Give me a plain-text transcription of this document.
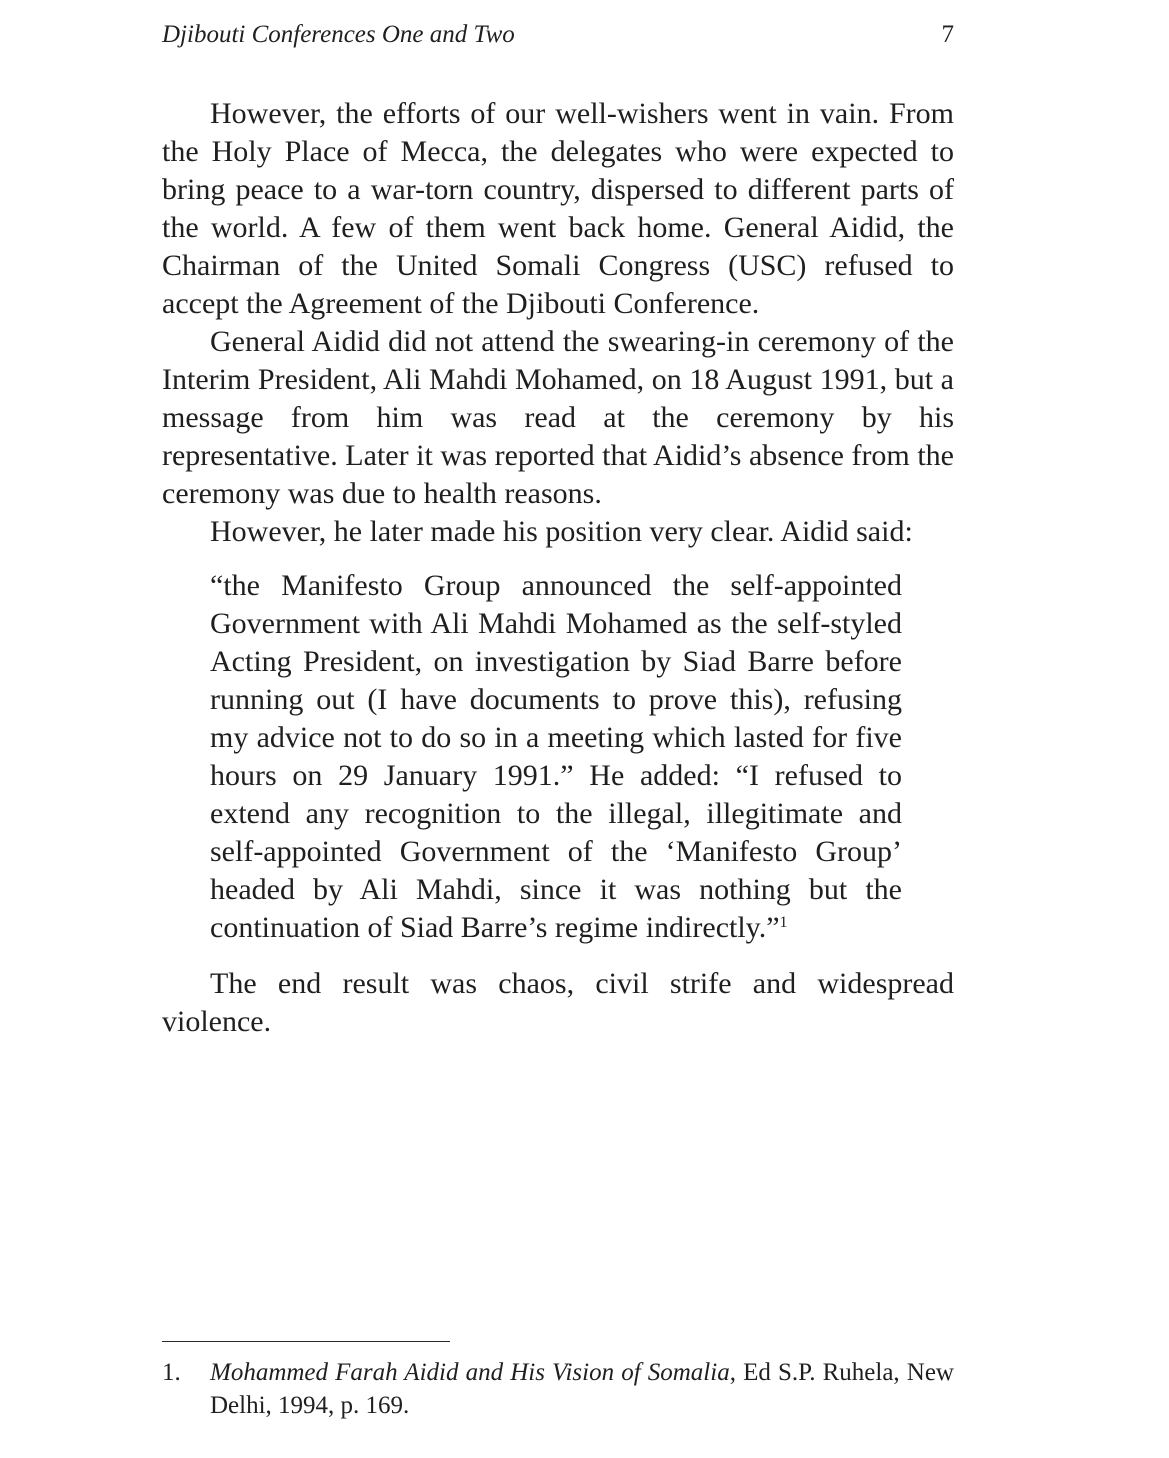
Djibouti Conferences One and Two	7

However, the efforts of our well-wishers went in vain. From the Holy Place of Mecca, the delegates who were expected to bring peace to a war-torn country, dispersed to different parts of the world. A few of them went back home. General Aidid, the Chairman of the United Somali Congress (USC) refused to accept the Agreement of the Djibouti Conference.

General Aidid did not attend the swearing-in ceremony of the Interim President, Ali Mahdi Mohamed, on 18 August 1991, but a message from him was read at the ceremony by his representative. Later it was reported that Aidid’s absence from the ceremony was due to health reasons.

However, he later made his position very clear. Aidid said:

“the Manifesto Group announced the self-appointed Government with Ali Mahdi Mohamed as the self-styled Acting President, on investigation by Siad Barre before running out (I have documents to prove this), refusing my advice not to do so in a meeting which lasted for five hours on 29 January 1991.” He added: “I refused to extend any recognition to the illegal, illegitimate and self-appointed Government of the ‘Manifesto Group’ headed by Ali Mahdi, since it was nothing but the continuation of Siad Barre’s regime indirectly.”$^1$

The end result was chaos, civil strife and widespread violence.

1. Mohammed Farah Aidid and His Vision of Somalia, Ed S.P. Ruhela, New Delhi, 1994, p. 169.
